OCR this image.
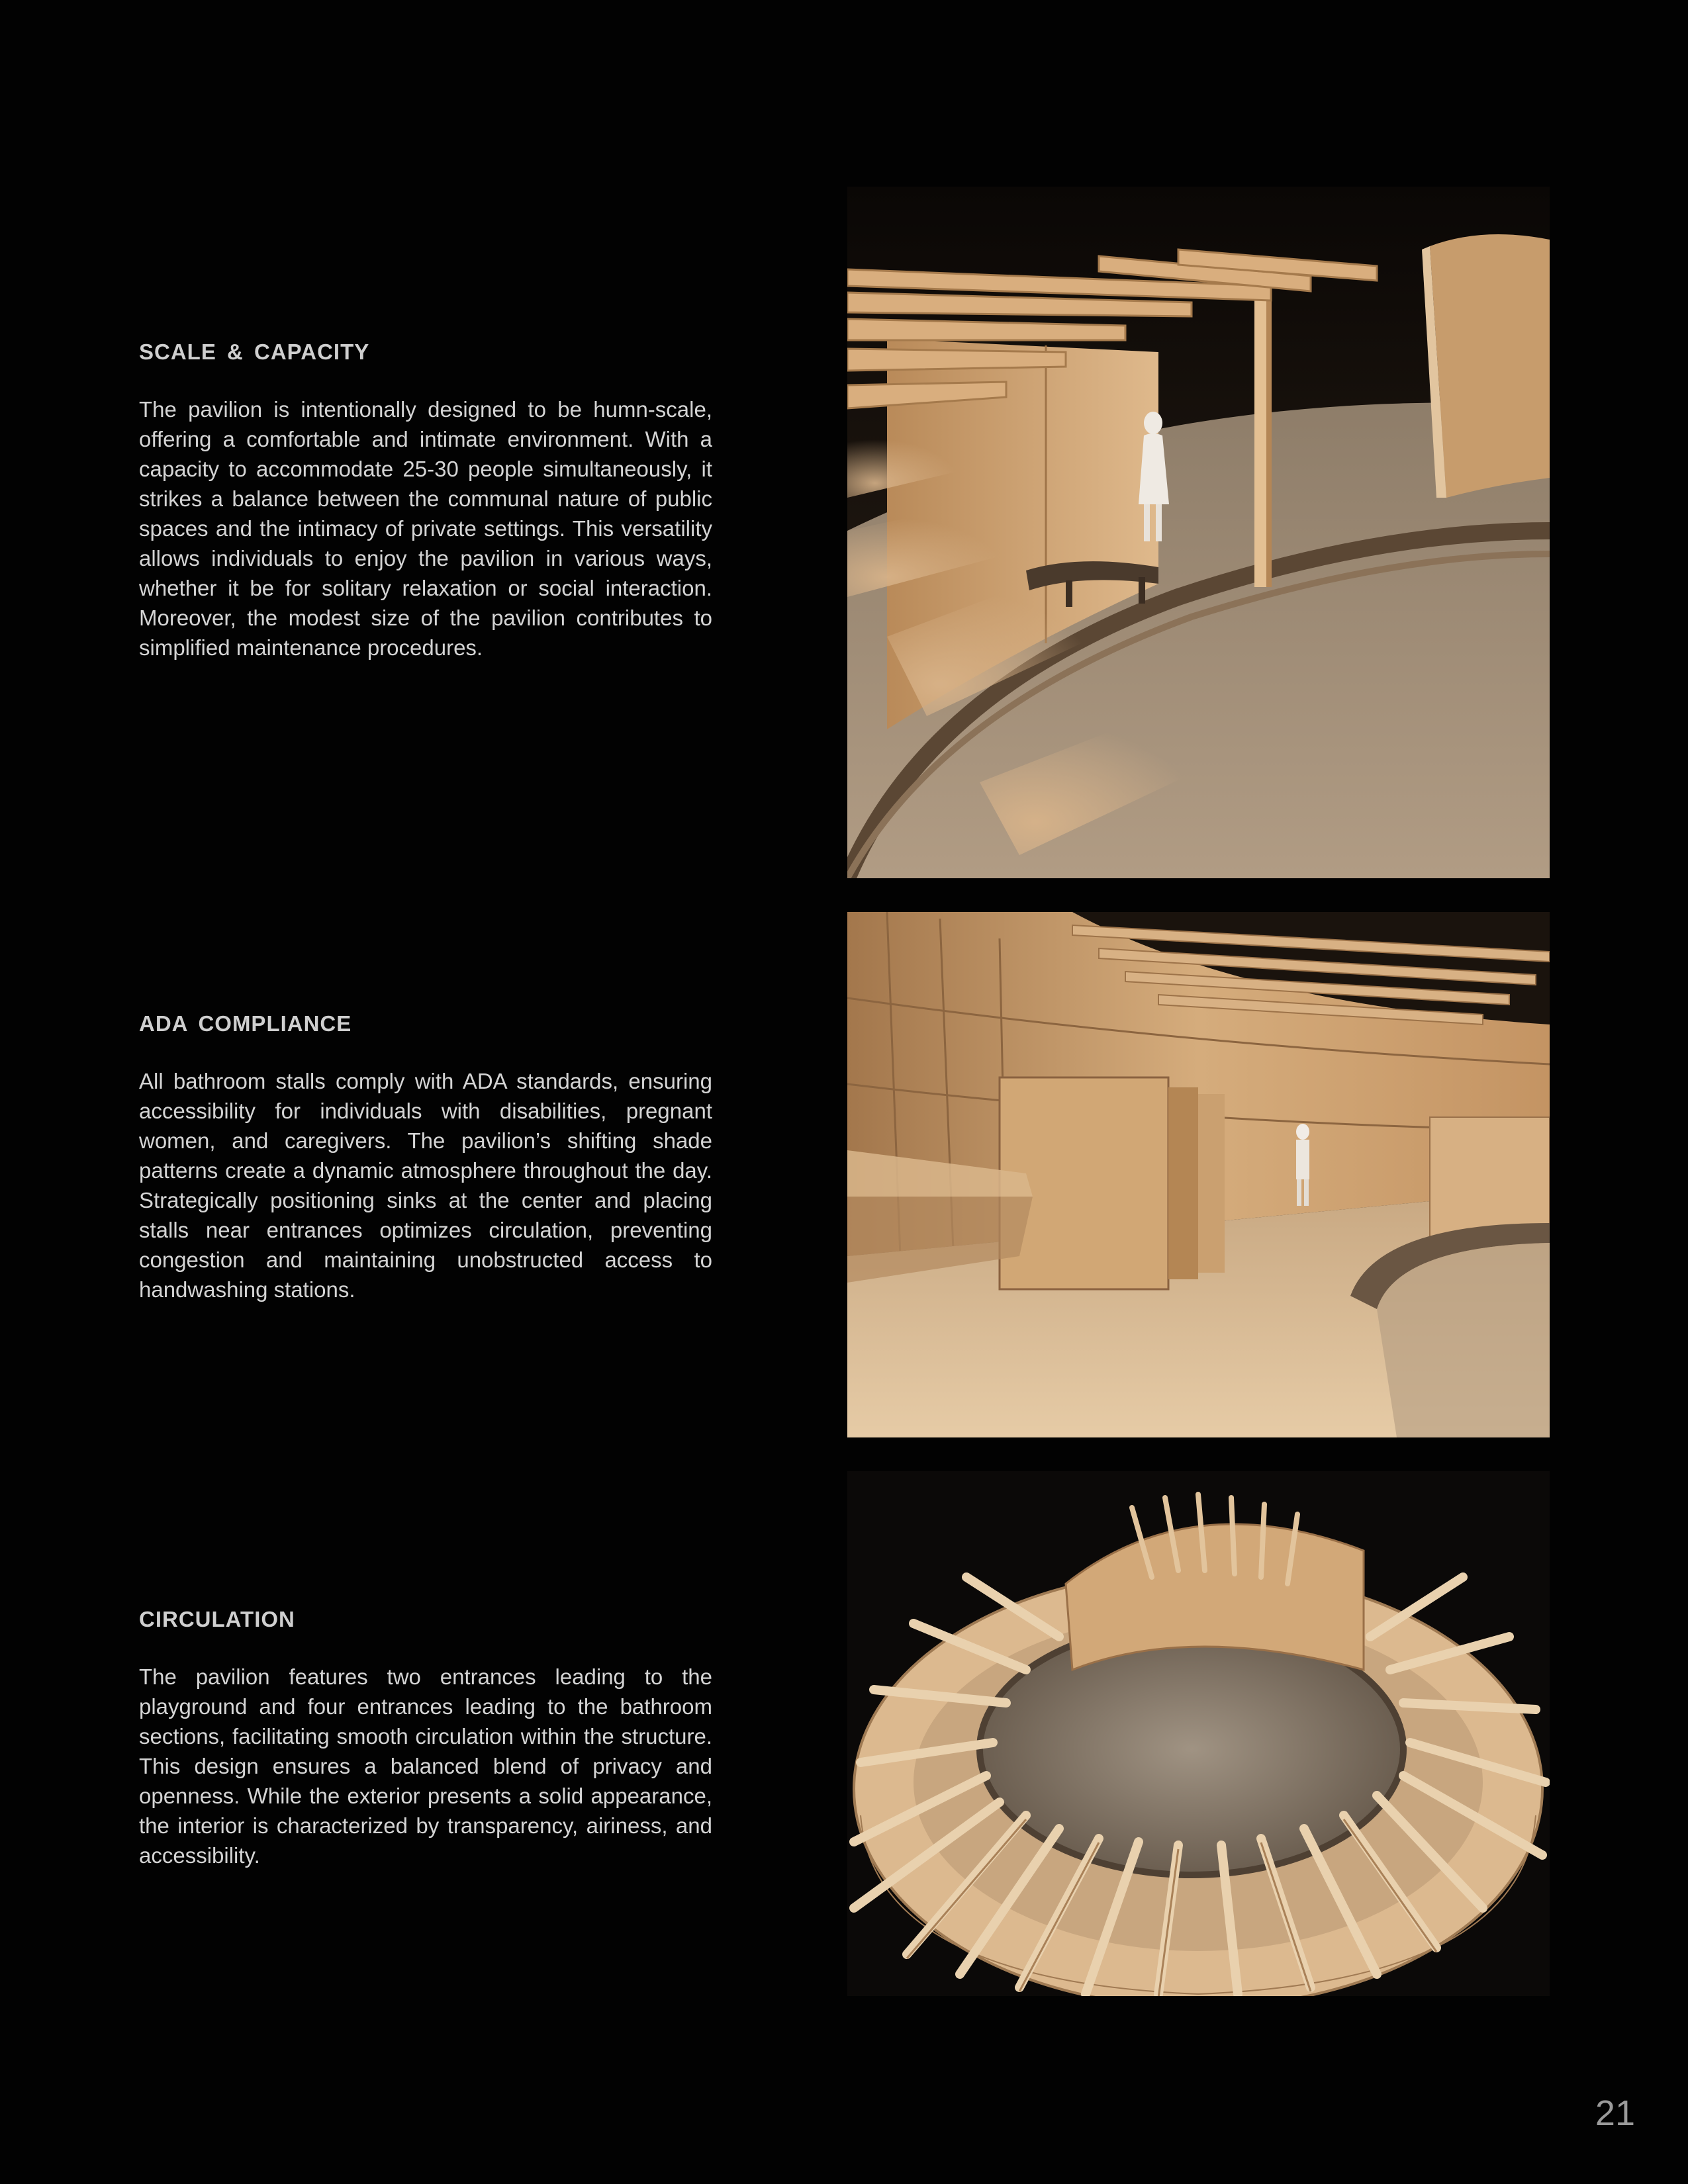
SCALE & CAPACITY

The pavilion is intentionally designed to be humn-scale, offering a comfortable and intimate environment. With a capacity to accommodate 25-30 people simultaneously, it strikes a balance between the communal nature of public spaces and the intimacy of private settings. This versatility allows individuals to enjoy the pavilion in various ways, whether it be for solitary relaxation or social interaction. Moreover, the modest size of the pavilion contributes to simplified maintenance procedures.

ADA COMPLIANCE

All bathroom stalls comply with ADA standards, ensuring accessibility for individuals with disabilities, pregnant women, and caregivers. The pavilion’s shifting shade patterns create a dynamic atmosphere throughout the day. Strategically positioning sinks at the center and placing stalls near entrances optimizes circulation, preventing congestion and maintaining unobstructed access to handwashing stations.

CIRCULATION

The pavilion features two entrances leading to the playground and four entrances leading to the bathroom sections, facilitating smooth circulation within the structure. This design ensures a balanced blend of privacy and openness. While the exterior presents a solid appearance, the interior is characterized by transparency, airiness, and accessibility.

21
